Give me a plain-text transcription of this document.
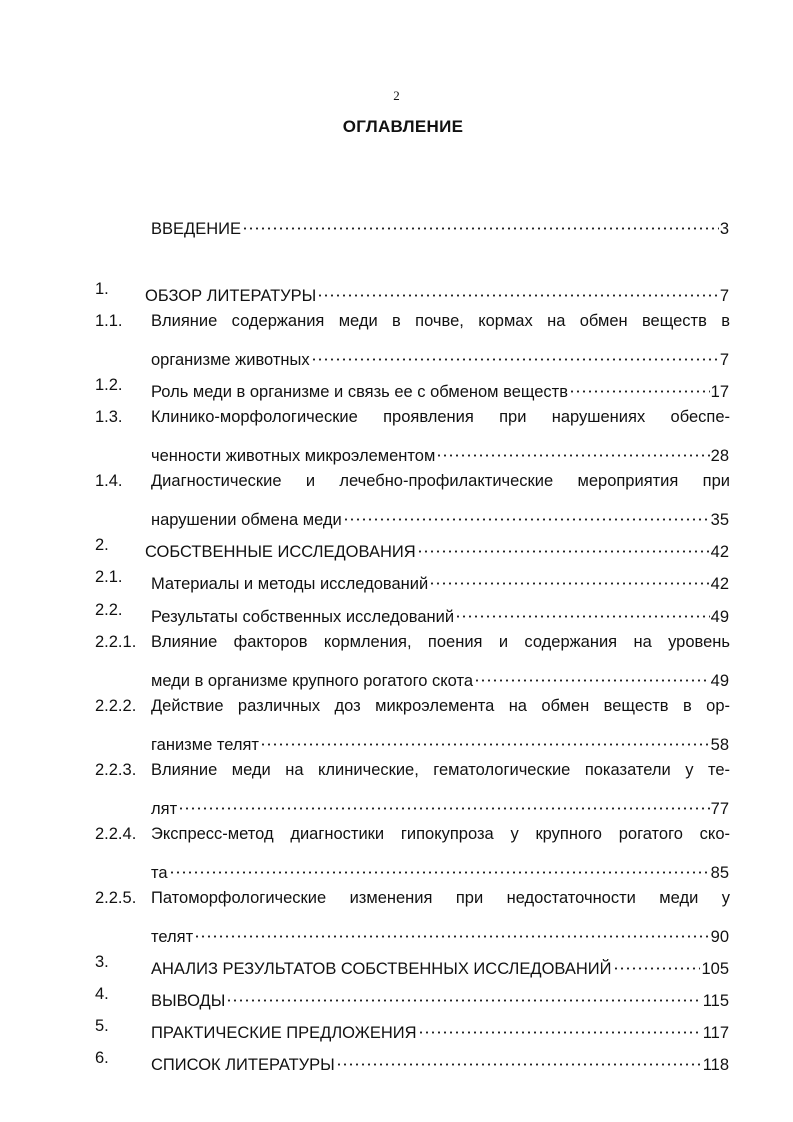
2
ОГЛАВЛЕНИЕ
ВВЕДЕНИЕ	3
1. ОБЗОР ЛИТЕРАТУРЫ	7
1.1. Влияние содержания меди в почве, кормах на обмен веществ в
организме животных	7
1.2. Роль меди в организме и связь ее с обменом веществ	17
1.3. Клинико-морфологические проявления при нарушениях обеспе-
ченности животных микроэлементом	28
1.4. Диагностические и лечебно-профилактические мероприятия при
нарушении обмена меди	35
2. СОБСТВЕННЫЕ ИССЛЕДОВАНИЯ	42
2.1. Материалы и методы исследований	42
2.2. Результаты собственных исследований	49
2.2.1. Влияние факторов кормления, поения и содержания на уровень
меди в организме крупного рогатого скота	49
2.2.2. Действие различных доз микроэлемента на обмен веществ в ор-
ганизме телят	58
2.2.3. Влияние меди на клинические, гематологические показатели у те-
лят	77
2.2.4. Экспресс-метод диагностики гипокупроза у крупного рогатого ско-
та	85
2.2.5. Патоморфологические изменения при недостаточности меди у
телят	90
3.	АНАЛИЗ РЕЗУЛЬТАТОВ СОБСТВЕННЫХ ИССЛЕДОВАНИЙ	105
4.	ВЫВОДЫ	115
5.	ПРАКТИЧЕСКИЕ ПРЕДЛОЖЕНИЯ	117
6.	СПИСОК ЛИТЕРАТУРЫ	118
